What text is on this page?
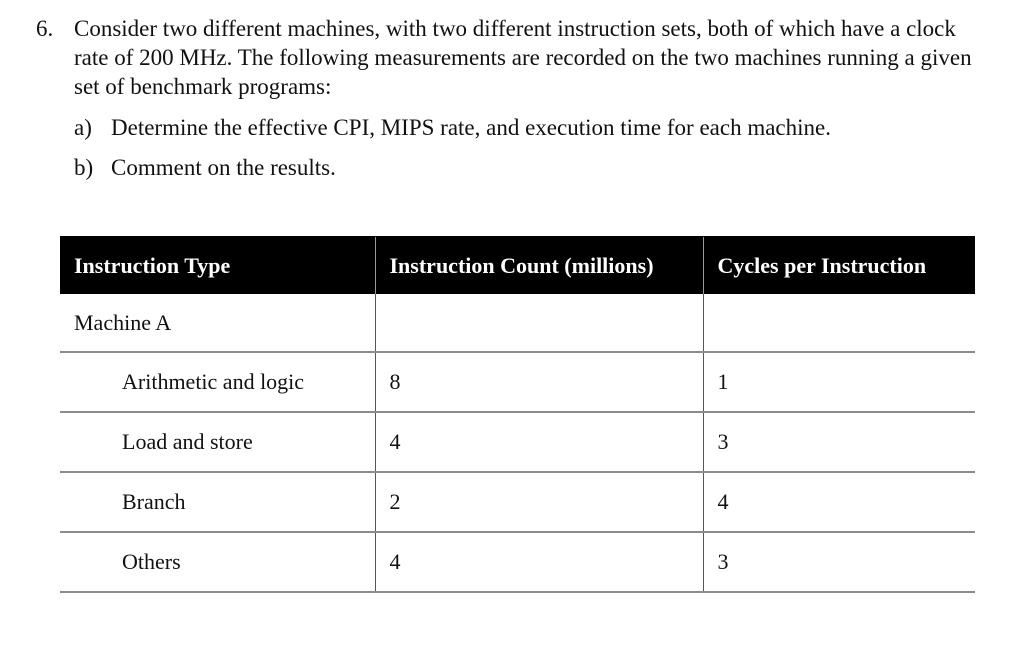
6. Consider two different machines, with two different instruction sets, both of which have a clock rate of 200 MHz. The following measurements are recorded on the two machines running a given set of benchmark programs:
a) Determine the effective CPI, MIPS rate, and execution time for each machine.
b) Comment on the results.
Instruction Type	Instruction Count (millions)	Cycles per Instruction
Machine A		
Arithmetic and logic	8	1
Load and store	4	3
Branch	2	4
Others	4	3
